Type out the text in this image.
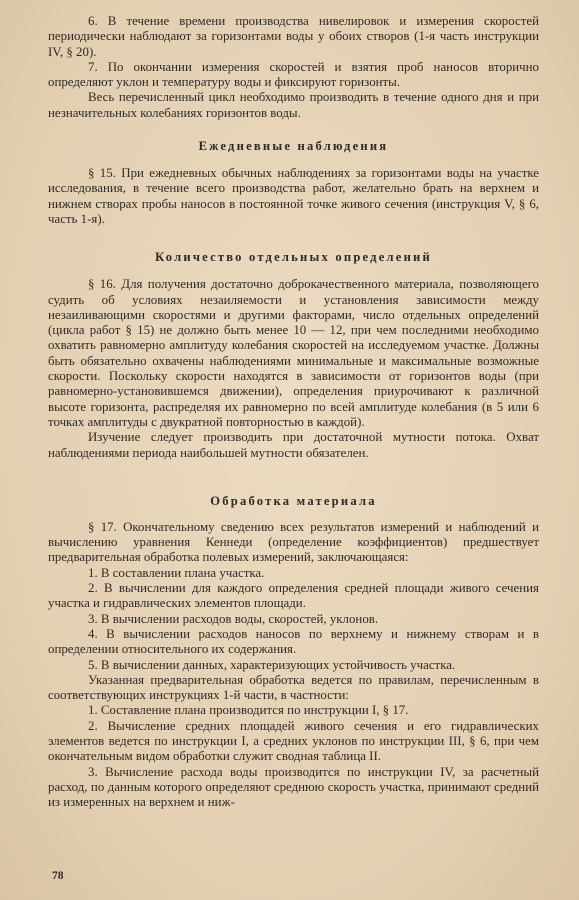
6. В течение времени производства нивелировок и измерения скоростей периодически наблюдают за горизонтами воды у обоих створов (1-я часть инструкции IV, § 20).

7. По окончании измерения скоростей и взятия проб наносов вторично определяют уклон и температуру воды и фиксируют горизонты.

Весь перечисленный цикл необходимо производить в течение одного дня и при незначительных колебаниях горизонтов воды.

Ежедневные наблюдения

§ 15. При ежедневных обычных наблюдениях за горизонтами воды на участке исследования, в течение всего производства работ, желательно брать на верхнем и нижнем створах пробы наносов в постоянной точке живого сечения (инструкция V, § 6, часть 1-я).

Количество отдельных определений

§ 16. Для получения достаточно доброкачественного материала, позволяющего судить об условиях незаиляемости и установления зависимости между незаиливающими скоростями и другими факторами, число отдельных определений (цикла работ § 15) не должно быть менее 10 — 12, при чем последними необходимо охватить равномерно амплитуду колебания скоростей на исследуемом участке. Должны быть обязательно охвачены наблюдениями минимальные и максимальные возможные скорости. Поскольку скорости находятся в зависимости от горизонтов воды (при равномерно-установившемся движении), определения приурочивают к различной высоте горизонта, распределяя их равномерно по всей амплитуде колебания (в 5 или 6 точках амплитуды с двукратной повторностью в каждой).

Изучение следует производить при достаточной мутности потока. Охват наблюдениями периода наибольшей мутности обязателен.

Обработка материала

§ 17. Окончательному сведению всех результатов измерений и наблюдений и вычислению уравнения Кеннеди (определение коэффициентов) предшествует предварительная обработка полевых измерений, заключающаяся:

1. В составлении плана участка.

2. В вычислении для каждого определения средней площади живого сечения участка и гидравлических элементов площади.

3. В вычислении расходов воды, скоростей, уклонов.

4. В вычислении расходов наносов по верхнему и нижнему створам и в определении относительного их содержания.

5. В вычислении данных, характеризующих устойчивость участка.

Указанная предварительная обработка ведется по правилам, перечисленным в соответствующих инструкциях 1-й части, в частности:

1. Составление плана производится по инструкции I, § 17.

2. Вычисление средних площадей живого сечения и его гидравлических элементов ведется по инструкции I, а средних уклонов по инструкции III, § 6, при чем окончательным видом обработки служит сводная таблица II.

3. Вычисление расхода воды производится по инструкции IV, за расчетный расход, по данным которого определяют среднюю скорость участка, принимают средний из измеренных на верхнем и ниж-

78
